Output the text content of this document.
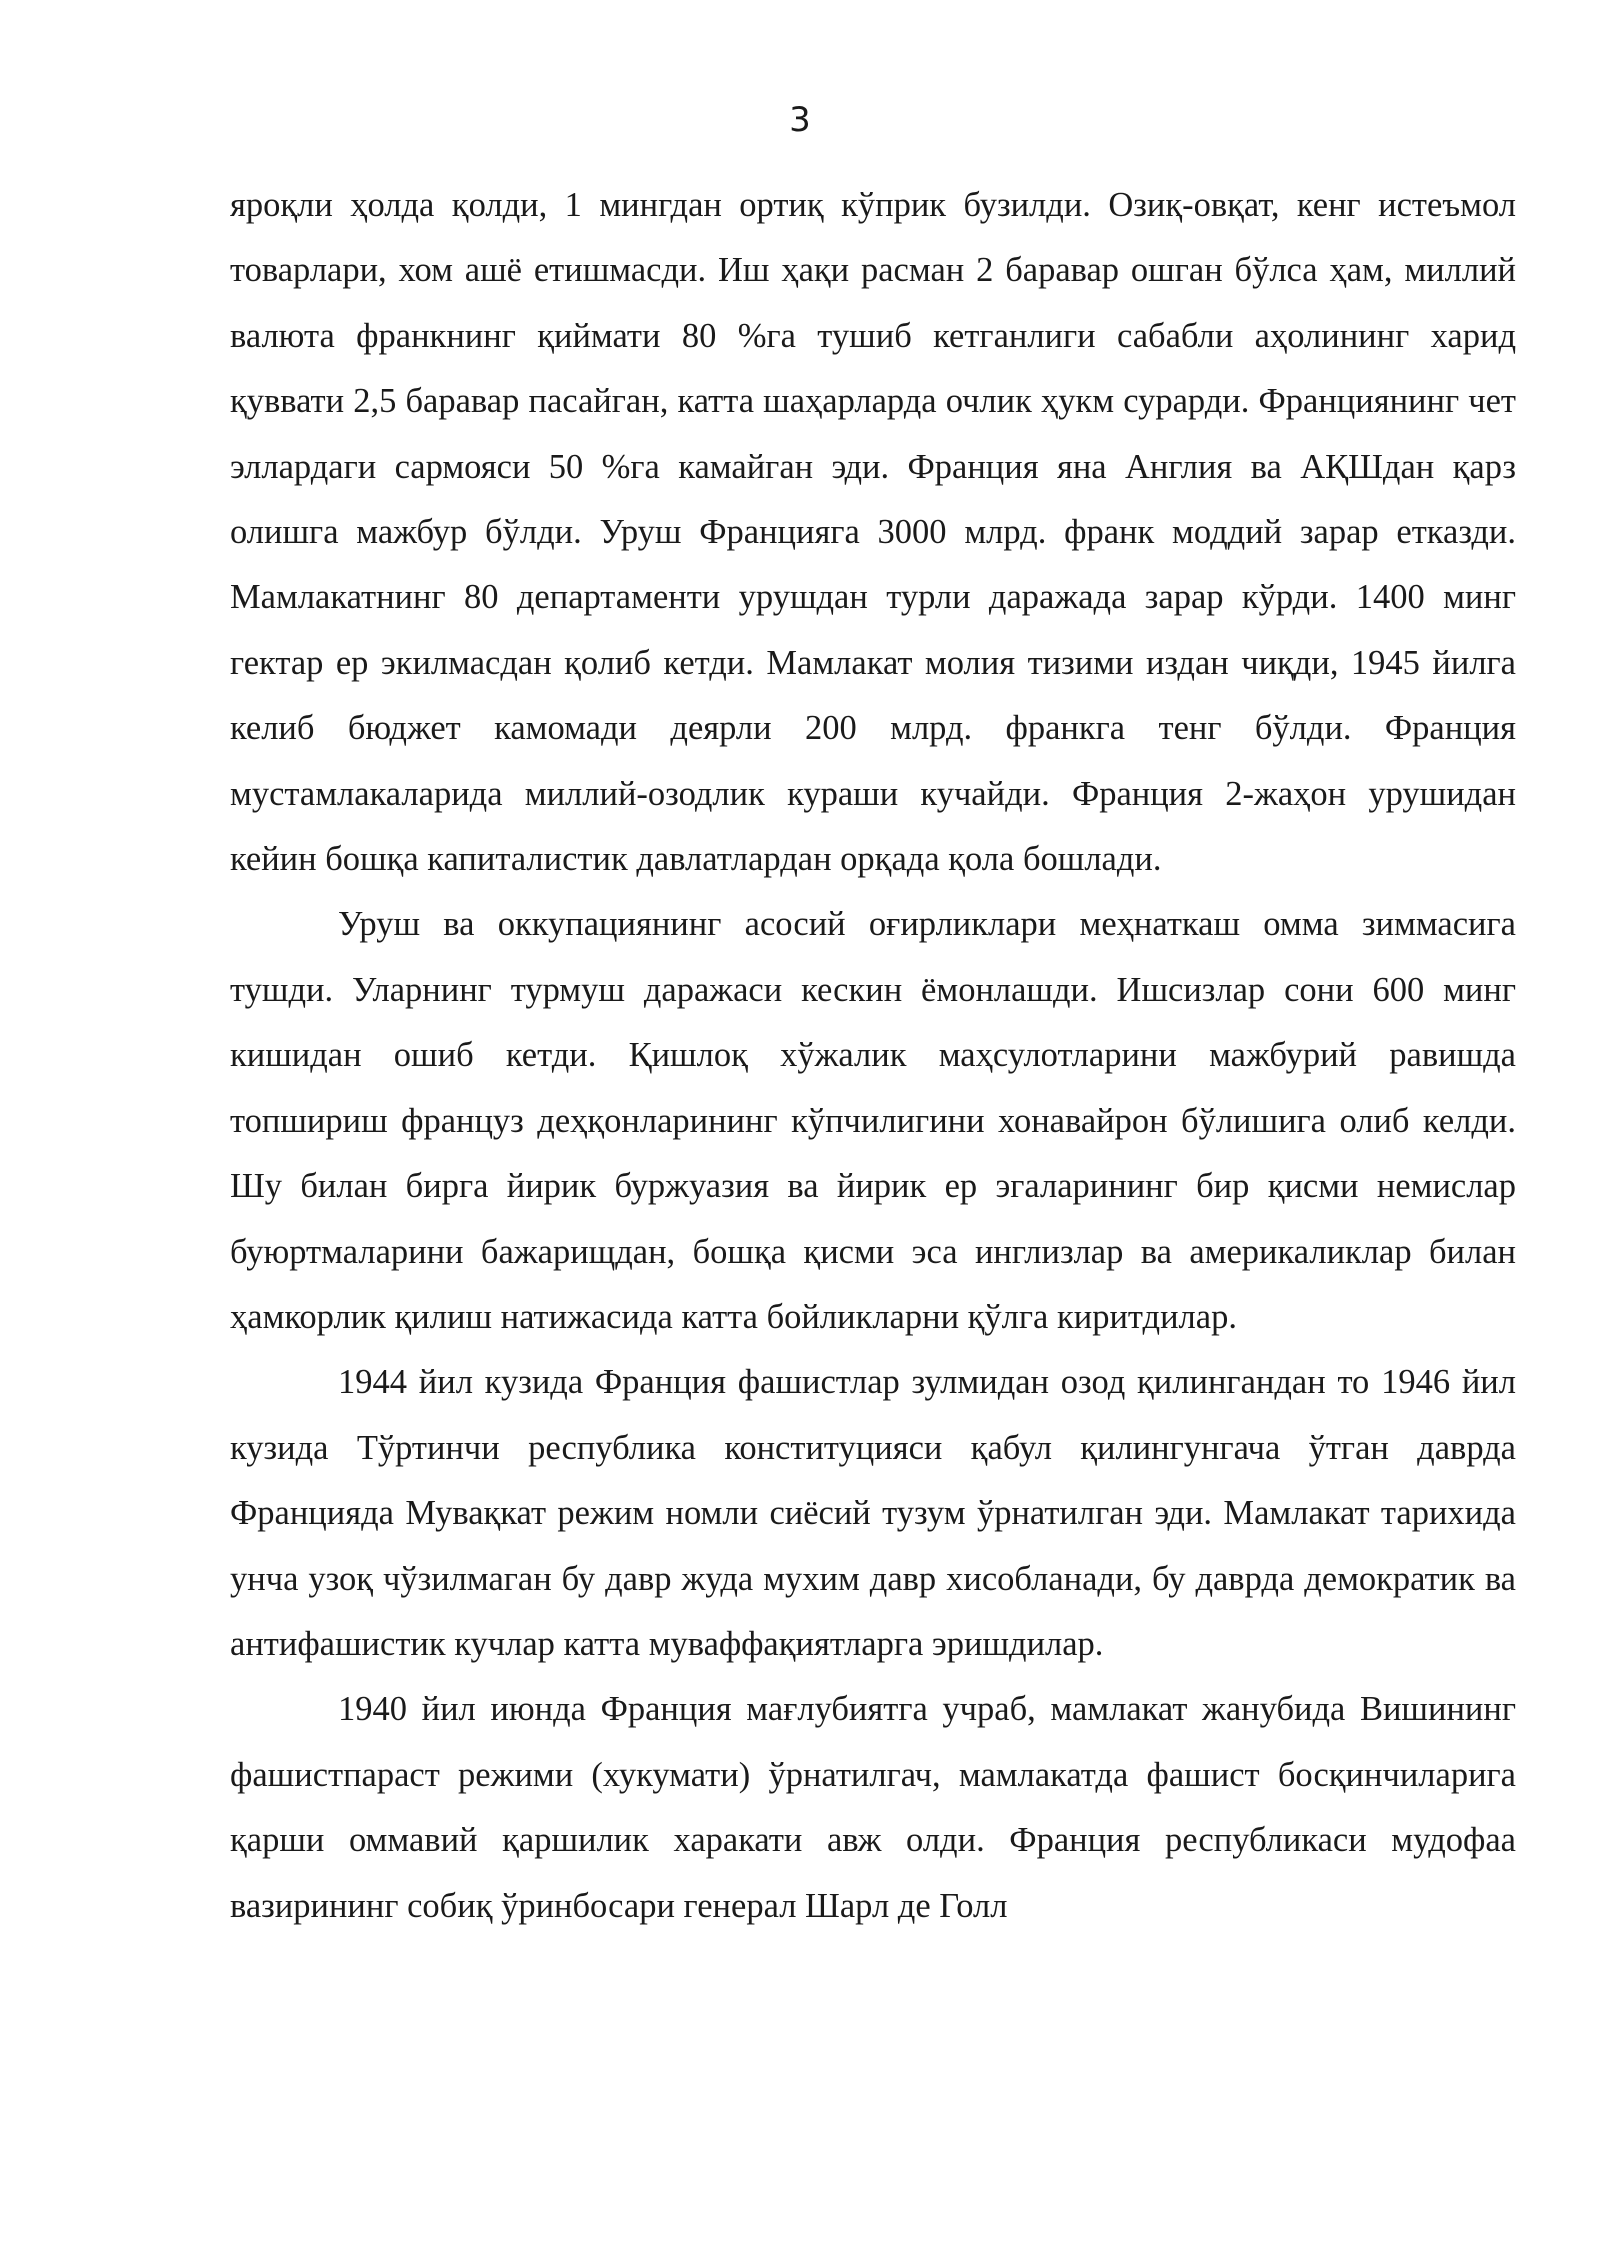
3

яроқли ҳолда қолди, 1 мингдан ортиқ кўприк бузилди. Озиқ-овқат, кенг истеъмол товарлари, хом ашё етишмасди. Иш ҳақи расман 2 баравар ошган бўлса ҳам, миллий валюта франкнинг қиймати 80 %га тушиб кетганлиги сабабли аҳолининг харид қуввати 2,5 баравар пасайган, катта шаҳарларда очлик ҳукм сурарди. Франциянинг чет эллардаги сармояси 50 %га камайган эди. Франция яна Англия ва АҚШдан қарз олишга мажбур бўлди. Уруш Францияга 3000 млрд. франк моддий зарар етказди. Мамлакатнинг 80 департаменти урушдан турли даражада зарар кўрди. 1400 минг гектар ер экилмасдан қолиб кетди. Мамлакат молия тизими издан чиқди, 1945 йилга келиб бюджет камомади деярли 200 млрд. франкга тенг бўлди. Франция мустамлакаларида миллий-озодлик кураши кучайди. Франция 2-жаҳон урушидан кейин бошқа капиталистик давлатлардан орқада қола бошлади.

Уруш ва оккупациянинг асосий оғирликлари меҳнаткаш омма зиммасига тушди. Уларнинг турмуш даражаси кескин ёмонлашди. Ишсизлар сони 600 минг кишидан ошиб кетди. Қишлоқ хўжалик маҳсулотларини мажбурий равишда топшириш француз деҳқонларининг кўпчилигини хонавайрон бўлишига олиб келди. Шу билан бирга йирик буржуазия ва йирик ер эгаларининг бир қисми немислар буюртмаларини бажарищдан, бошқа қисми эса инглизлар ва америкаликлар билан ҳамкорлик қилиш натижасида катта бойликларни қўлга киритдилар.

1944 йил кузида Франция фашистлар зулмидан озод қилингандан то 1946 йил кузида Тўртинчи республика конституцияси қабул қилингунгача ўтган даврда Францияда Мувақкат режим номли сиёсий тузум ўрнатилган эди. Мамлакат тарихида унча узоқ чўзилмаган бу давр жуда мухим давр хисобланади, бу даврда демократик ва антифашистик кучлар катта муваффақиятларга эришдилар.

1940 йил июнда Франция мағлубиятга учраб, мамлакат жанубида Вишининг фашистпараст режими (хукумати) ўрнатилгач, мамлакатда фашист босқинчиларига қарши оммавий қаршилик харакати авж олди. Франция республикаси мудофаа вазирининг собиқ ўринбосари генерал Шарл де Голл
